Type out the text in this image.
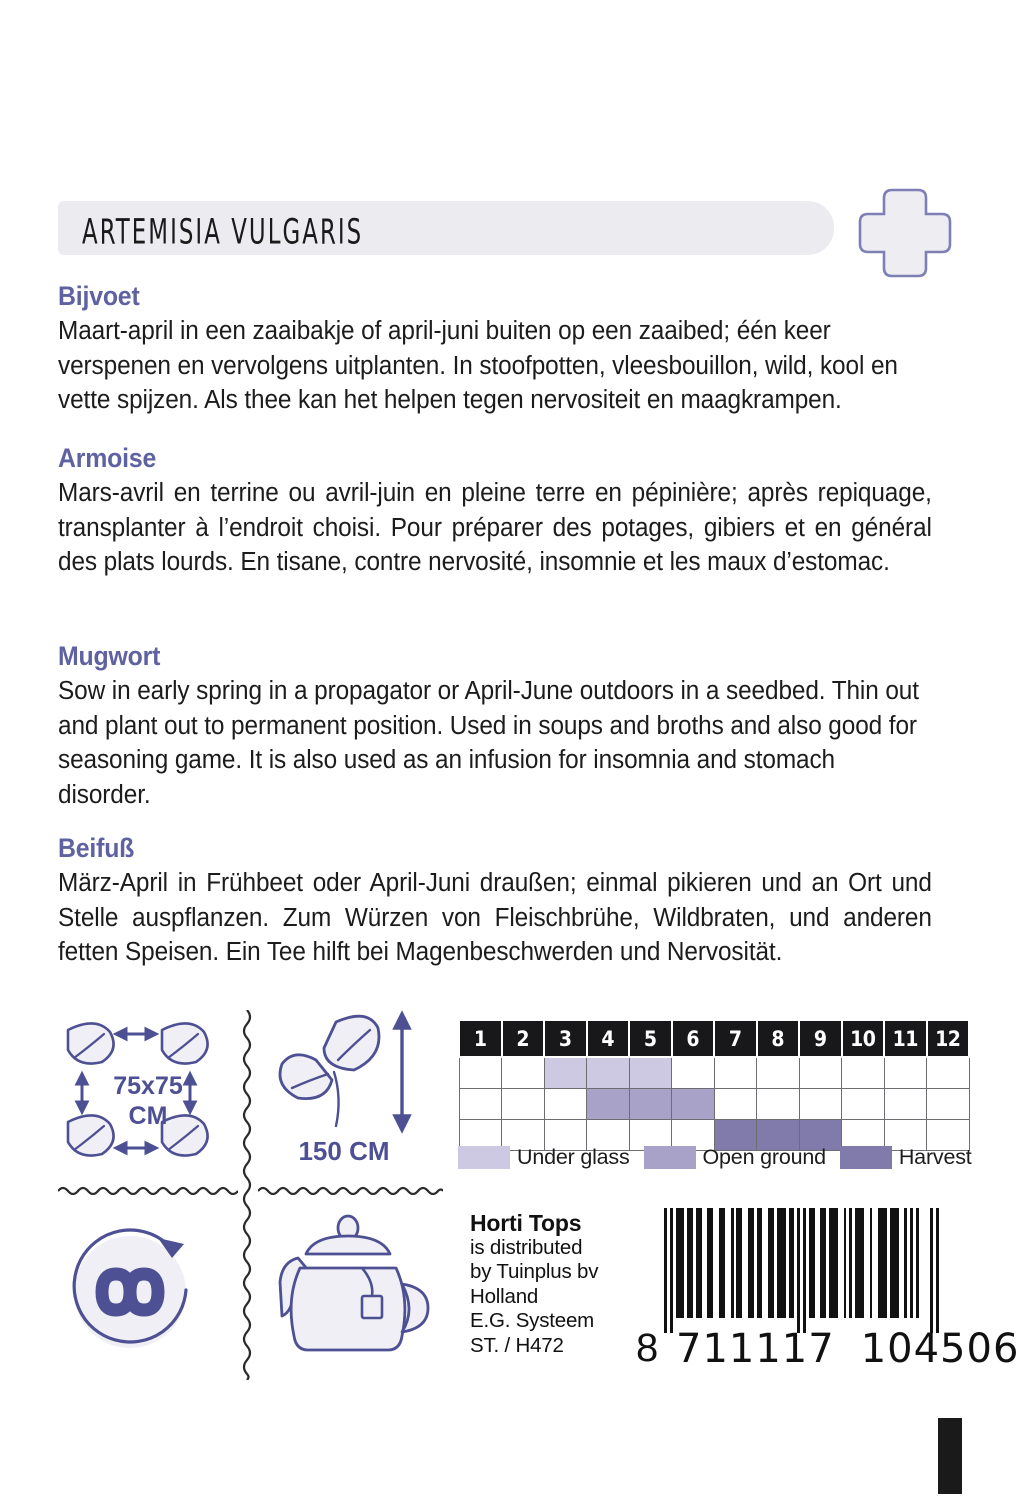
ARTEMISIA VULGARIS
Bijvoet

Maart-april in een zaaibakje of april-juni buiten op een zaaibed; één keer verspenen en vervolgens uitplanten. In stoofpotten, vleesbouillon, wild, kool en vette spijzen. Als thee kan het helpen tegen nervositeit en maagkrampen.

Armoise

Mars-avril en terrine ou avril-juin en pleine terre en pépinière; après repiquage, transplanter à l’endroit choisi. Pour préparer des potages, gibiers et en général des plats lourds. En tisane, contre nervosité, insomnie et les maux d’estomac.

Mugwort

Sow in early spring in a propagator or April-June outdoors in a seedbed. Thin out and plant out to permanent position. Used in soups and broths and also good for seasoning game. It is also used as an infusion for insomnia and stomach disorder.

Beifuß

März-April in Frühbeet oder April-Juni draußen; einmal pikieren und an Ort und Stelle auspflanzen. Zum Würzen von Fleischbrühe, Wildbraten, und anderen fetten Speisen. Ein Tee hilft bei Magenbeschwerden und Nervosität.

75x75
CM
150 CM
1	2	3	4	5	6	7	8	9	10	11	12

Under glass	Open ground	Harvest
Horti Tops
is distributed
by Tuinplus bv
Holland
E.G. Systeem
ST. / H472	8 711117 104506
